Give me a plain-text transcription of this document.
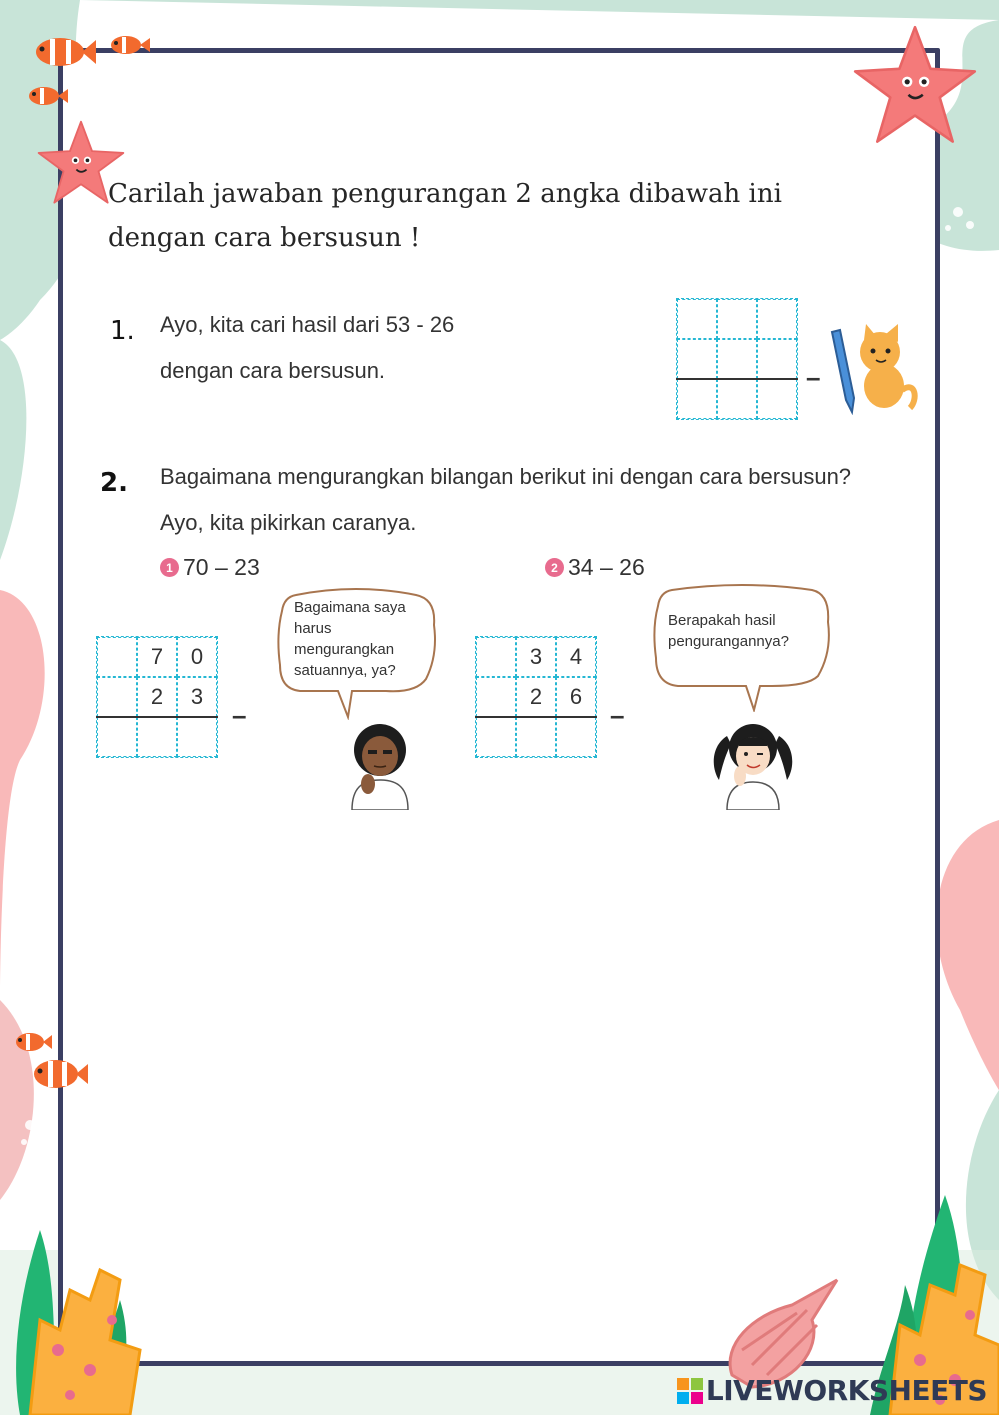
Carilah jawaban pengurangan 2 angka dibawah ini
dengan cara bersusun !
1. Ayo, kita cari hasil dari 53 - 26
dengan cara bersusun.	–
2. Bagaimana mengurangkan bilangan berikut ini dengan cara bersusun?
Ayo, kita pikirkan caranya.
1 70 – 23
7	0
2	3
–
Bagaimana saya
harus
mengurangkan
satuannya, ya?
2 34 – 26
3	4
2	6
–
Berapakah hasil
pengurangannya?
LIVEWORKSHEETS
